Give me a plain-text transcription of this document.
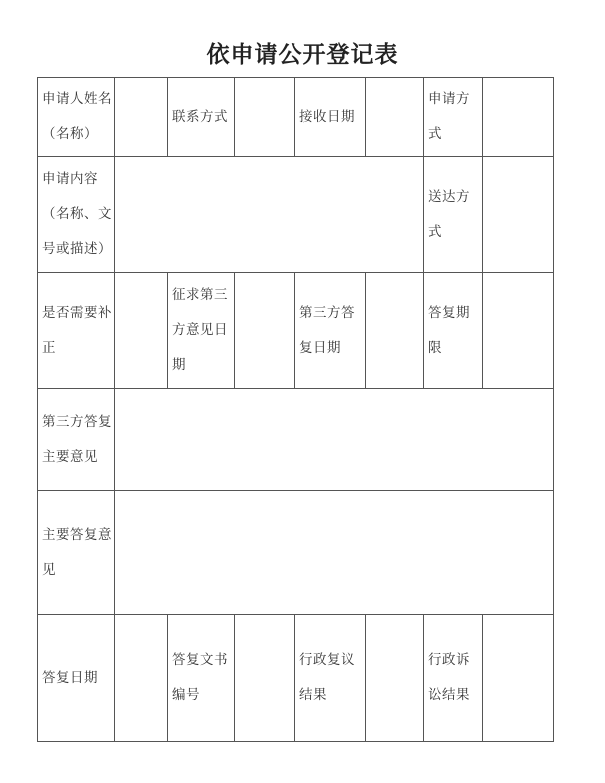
依申请公开登记表
申请人姓名（名称）		联系方式		接收日期		申请方式	

申请内容（名称、文号或描述）						送达方式	

是否需要补正		征求第三方意见日期		第三方答复日期		答复期限	

第三方答复主要意见							

主要答复意见							

答复日期		答复文书编号		行政复议结果		行政诉讼结果	
